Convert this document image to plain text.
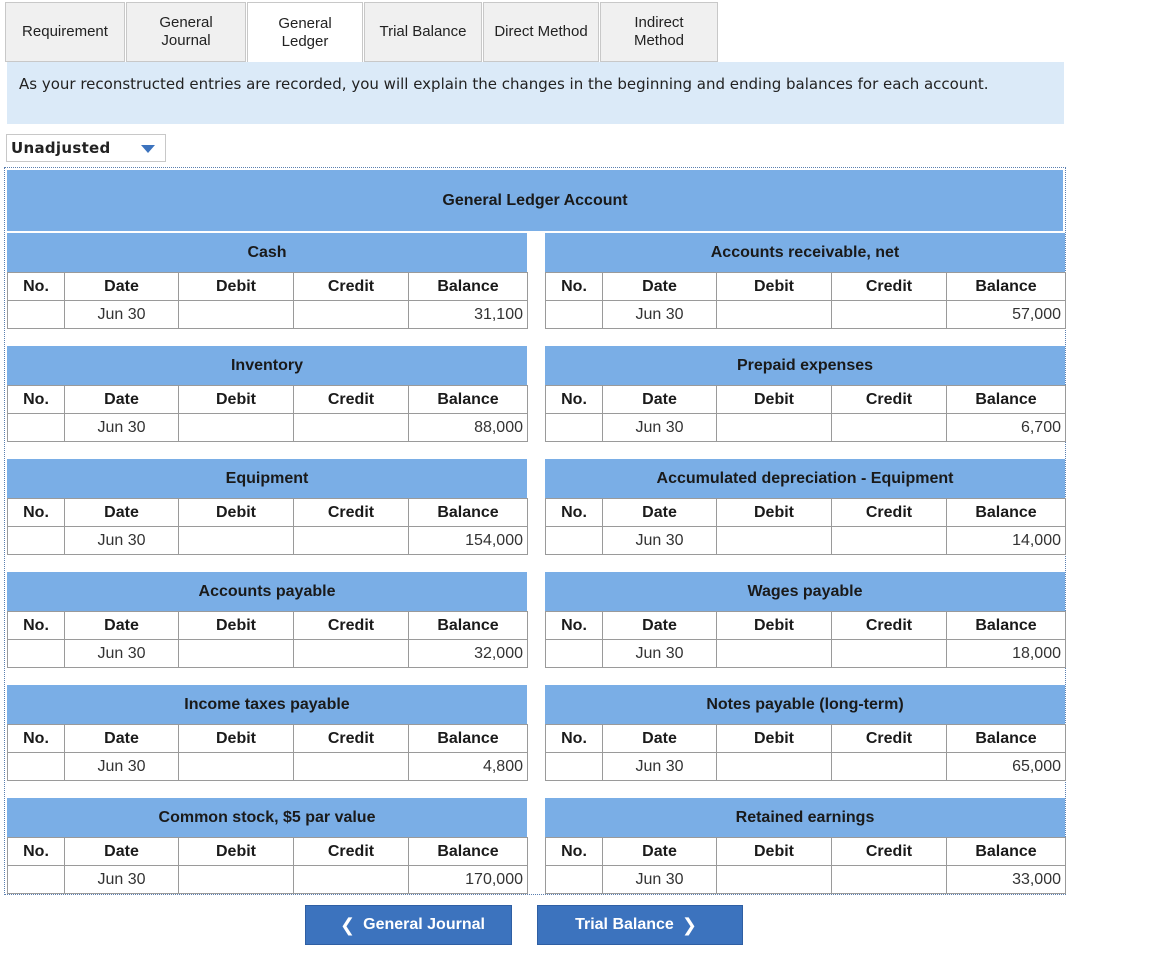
Requirement
General
Journal
General
Ledger
Trial Balance	Direct Method
Indirect
Method
As your reconstructed entries are recorded, you will explain the changes in the beginning and ending balances for each account.
Unadjusted
General Ledger Account
Cash
No.	Date	Debit	Credit	Balance
	Jun 30			31,100
Accounts receivable, net
No.	Date	Debit	Credit	Balance
	Jun 30			57,000
Inventory
No.	Date	Debit	Credit	Balance
	Jun 30			88,000
Prepaid expenses
No.	Date	Debit	Credit	Balance
	Jun 30			6,700
Equipment
No.	Date	Debit	Credit	Balance
	Jun 30			154,000
Accumulated depreciation - Equipment
No.	Date	Debit	Credit	Balance
	Jun 30			14,000
Accounts payable
No.	Date	Debit	Credit	Balance
	Jun 30			32,000
Wages payable
No.	Date	Debit	Credit	Balance
	Jun 30			18,000
Income taxes payable
No.	Date	Debit	Credit	Balance
	Jun 30			4,800
Notes payable (long-term)
No.	Date	Debit	Credit	Balance
	Jun 30			65,000
Common stock, $5 par value
No.	Date	Debit	Credit	Balance
	Jun 30			170,000
Retained earnings
No.	Date	Debit	Credit	Balance
	Jun 30			33,000
❮ General Journal	Trial Balance ❯
